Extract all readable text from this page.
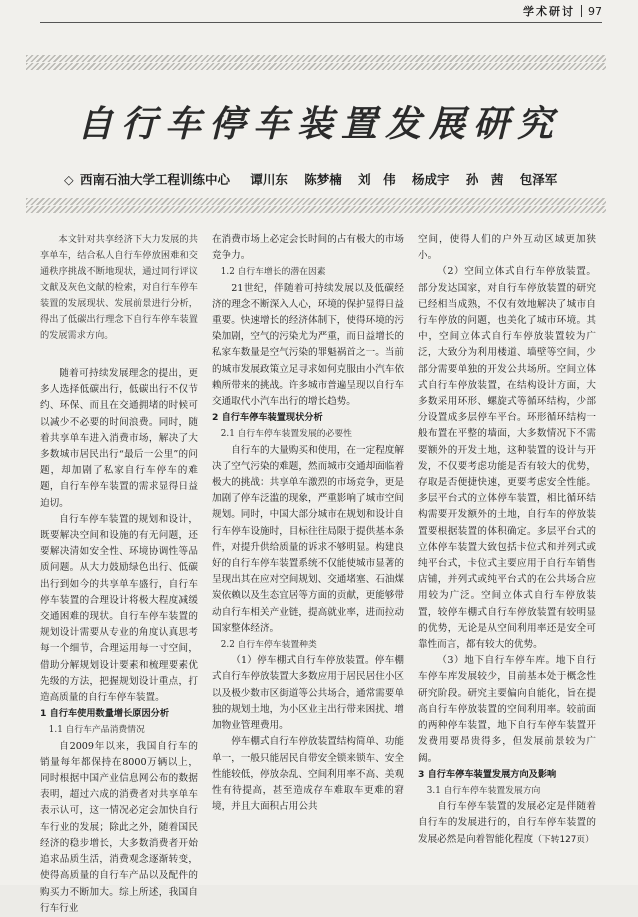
学术研讨 97
自行车停车装置发展研究
◇ 西南石油大学工程训练中心 谭川东 陈梦楠 刘　伟 杨成宇 孙　茜 包泽军

本文针对共享经济下大力发展的共享单车，结合私人自行车停放困难和交通秩序挑战不断地现状，通过同行评议文献及灰色文献的检索，对自行车停车装置的发展现状、发展前景进行分析，得出了低碳出行理念下自行车停车装置的发展需求方向。

随着可持续发展理念的提出，更多人选择低碳出行，低碳出行不仅节约、环保、而且在交通拥堵的时候可以减少不必要的时间浪费。同时，随着共享单车进入消费市场，解决了大多数城市居民出行“最后一公里”的问题，却加剧了私家自行车停车的难题，自行车停车装置的需求显得日益迫切。

自行车停车装置的规划和设计，既要解决空间和设施的有无问题，还要解决清如安全性、环境协调性等品质问题。从大力鼓励绿色出行、低碳出行到如今的共享单车盛行，自行车停车装置的合理设计将极大程度减缓交通困难的现状。自行车停车装置的规划设计需要从专业的角度认真思考每一个细节，合理运用每一寸空间，借助分解规划设计要素和梳理要素优先级的方法，把握规划设计重点，打造高质量的自行车停车装置。

1 自行车使用数量增长原因分析

1.1 自行车产品消费情况

自2009年以来，我国自行车的销量每年都保持在8000万辆以上，同时根据中国产业信息网公布的数据表明，超过六成的消费者对共享单车表示认可，这一情况必定会加快自行车行业的发展；除此之外，随着国民经济的稳步增长，大多数消费者开始追求品质生活，消费观念逐渐转变，使得高质量的自行车产品以及配件的购买力不断加大。综上所述，我国自行车行业

在消费市场上必定会长时间的占有极大的市场竞争力。

1.2 自行车增长的潜在因素

21世纪，伴随着可持续发展以及低碳经济的理念不断深入人心，环境的保护显得日益重要。快速增长的经济体制下，使得环境的污染加剧，空气的污染尤为严重，而日益增长的私家车数量是空气污染的罪魁祸首之一。当前的城市发展政策立足寻求如何克服由小汽车依赖所带来的挑战。许多城市普遍呈现以自行车交通取代小汽车出行的增长趋势。

2 自行车停车装置现状分析

2.1 自行车停车装置发展的必要性

自行车的大量购买和使用，在一定程度解决了空气污染的难题，然而城市交通却面临着极大的挑战：共享单车激烈的市场竞争，更是加剧了停车泛滥的现象，严重影响了城市空间规划。同时，中国大部分城市在规划和设计自行车停车设施时，目标往往局限于提供基本条件，对提升供给质量的诉求不够明显。构建良好的自行车停车装置系统不仅能使城市显著的呈现出其在应对空间规划、交通堵塞、石油煤炭依赖以及生态宜居等方面的贡献，更能够带动自行车相关产业链，提高就业率，进而拉动国家整体经济。

2.2 自行车停车装置种类

（1）停车棚式自行车停放装置。停车棚式自行车停放装置大多数应用于居民居住小区以及极少数市区街道等公共场合，通常需要单独的规划土地，为小区业主出行带来困扰、增加物业管理费用。

停车棚式自行车停放装置结构简单、功能单一，一般只能居民自带安全锁来锁车、安全性能较低，停放杂乱、空间利用率不高、美观性有待提高，甚至造成存车难取车更难的窘境，并且大面积占用公共

空间，使得人们的户外互动区域更加狭小。

（2）空间立体式自行车停放装置。部分发达国家，对自行车停放装置的研究已经相当成熟，不仅有效地解决了城市自行车停放的问题，也美化了城市环境。其中，空间立体式自行车停放装置较为广泛，大致分为利用楼道、墙壁等空间，少部分需要单独的开发公共场所。空间立体式自行车停放装置，在结构设计方面，大多数采用环形、螺旋式等循环结构，少部分设置成多层停车平台。环形循环结构一般布置在平整的墙面，大多数情况下不需要额外的开发土地，这种装置的设计与开发，不仅要考虑功能是否有较大的优势，存取是否便捷快速，更要考虑安全性能。多层平台式的立体停车装置，相比循环结构需要开发额外的土地，自行车的停放装置要根据装置的体积确定。多层平台式的立体停车装置大致包括卡位式和并列式或纯平台式，卡位式主要应用于自行车销售店铺，并列式或纯平台式的在公共场合应用较为广泛。空间立体式自行车停放装置，较停车棚式自行车停放装置有较明显的优势，无论是从空间利用率还是安全可靠性而言，都有较大的优势。

（3）地下自行车停车库。地下自行车停车库发展较少，目前基本处于概念性研究阶段。研究主要偏向自能化，旨在提高自行车停放装置的空间利用率。较前面的两种停车装置，地下自行车停车装置开发费用要昂贵得多，但发展前景较为广阔。

3 自行车停车装置发展方向及影响

3.1 自行车停车装置发展方向

自行车停车装置的发展必定是伴随着自行车的发展进行的，自行车停车装置的发展必然是向着智能化程度（下转127页）
